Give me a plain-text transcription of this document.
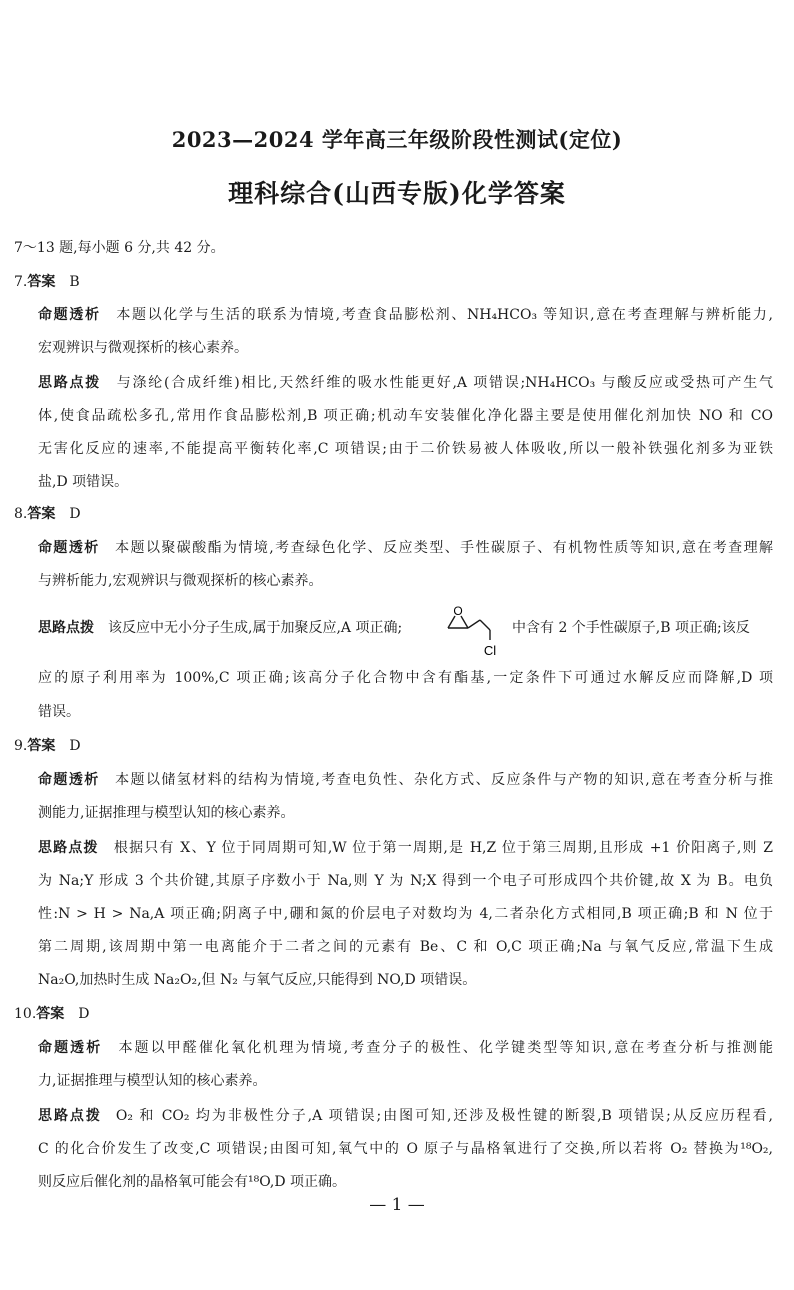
2023—2024 学年高三年级阶段性测试(定位)
理科综合(山西专版)化学答案
7～13 题,每小题 6 分,共 42 分。
7.答案 B
命题透析 本题以化学与生活的联系为情境,考查食品膨松剂、NH₄HCO₃ 等知识,意在考查理解与辨析能力,
宏观辨识与微观探析的核心素养。
思路点拨 与涤纶(合成纤维)相比,天然纤维的吸水性能更好,A 项错误;NH₄HCO₃ 与酸反应或受热可产生气
体,使食品疏松多孔,常用作食品膨松剂,B 项正确;机动车安装催化净化器主要是使用催化剂加快 NO 和 CO
无害化反应的速率,不能提高平衡转化率,C 项错误;由于二价铁易被人体吸收,所以一般补铁强化剂多为亚铁
盐,D 项错误。
8.答案 D
命题透析 本题以聚碳酸酯为情境,考查绿色化学、反应类型、手性碳原子、有机物性质等知识,意在考查理解
与辨析能力,宏观辨识与微观探析的核心素养。
思路点拨 该反应中无小分子生成,属于加聚反应,A 项正确;
O
Cl
中含有 2 个手性碳原子,B 项正确;该反
应的原子利用率为 100%,C 项正确;该高分子化合物中含有酯基,一定条件下可通过水解反应而降解,D 项
错误。
9.答案 D
命题透析 本题以储氢材料的结构为情境,考查电负性、杂化方式、反应条件与产物的知识,意在考查分析与推
测能力,证据推理与模型认知的核心素养。
思路点拨 根据只有 X、Y 位于同周期可知,W 位于第一周期,是 H,Z 位于第三周期,且形成 +1 价阳离子,则 Z
为 Na;Y 形成 3 个共价键,其原子序数小于 Na,则 Y 为 N;X 得到一个电子可形成四个共价键,故 X 为 B。电负
性:N > H > Na,A 项正确;阴离子中,硼和氮的价层电子对数均为 4,二者杂化方式相同,B 项正确;B 和 N 位于
第二周期,该周期中第一电离能介于二者之间的元素有 Be、C 和 O,C 项正确;Na 与氧气反应,常温下生成
Na₂O,加热时生成 Na₂O₂,但 N₂ 与氧气反应,只能得到 NO,D 项错误。
10.答案 D
命题透析 本题以甲醛催化氧化机理为情境,考查分子的极性、化学键类型等知识,意在考查分析与推测能
力,证据推理与模型认知的核心素养。
思路点拨 O₂ 和 CO₂ 均为非极性分子,A 项错误;由图可知,还涉及极性键的断裂,B 项错误;从反应历程看,
C 的化合价发生了改变,C 项错误;由图可知,氧气中的 O 原子与晶格氧进行了交换,所以若将 O₂ 替换为¹⁸O₂,
则反应后催化剂的晶格氧可能会有¹⁸O,D 项正确。
— 1 —
